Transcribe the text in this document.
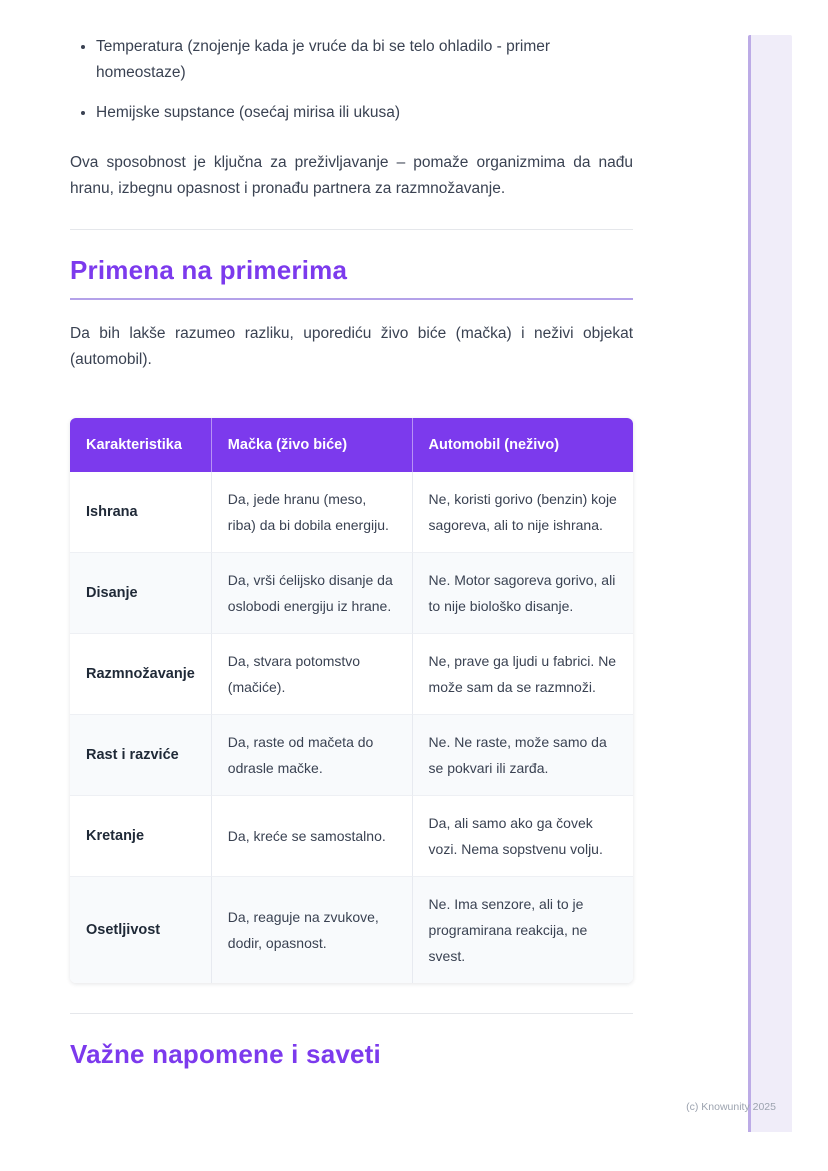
• Temperatura (znojenje kada je vruće da bi se telo ohladilo - primer homeostaze)
• Hemijske supstance (osećaj mirisa ili ukusa)

Ova sposobnost je ključna za preživljavanje – pomaže organizmima da nađu hranu, izbegnu opasnost i pronađu partnera za razmnožavanje.

Primena na primerima

Da bih lakše razumeo razliku, uporediću živo biće (mačka) i neživi objekat (automobil).

Karakteristika	Mačka (živo biće)	Automobil (neživo)
Ishrana	Da, jede hranu (meso, riba) da bi dobila energiju.	Ne, koristi gorivo (benzin) koje sagoreva, ali to nije ishrana.
Disanje	Da, vrši ćelijsko disanje da oslobodi energiju iz hrane.	Ne. Motor sagoreva gorivo, ali to nije biološko disanje.
Razmnožavanje	Da, stvara potomstvo (mačiće).	Ne, prave ga ljudi u fabrici. Ne može sam da se razmnoži.
Rast i razviće	Da, raste od mačeta do odrasle mačke.	Ne. Ne raste, može samo da se pokvari ili zarđa.
Kretanje	Da, kreće se samostalno.	Da, ali samo ako ga čovek vozi. Nema sopstvenu volju.
Osetljivost	Da, reaguje na zvukove, dodir, opasnost.	Ne. Ima senzore, ali to je programirana reakcija, ne svest.
Važne napomene i saveti
(c) Knowunity 2025
